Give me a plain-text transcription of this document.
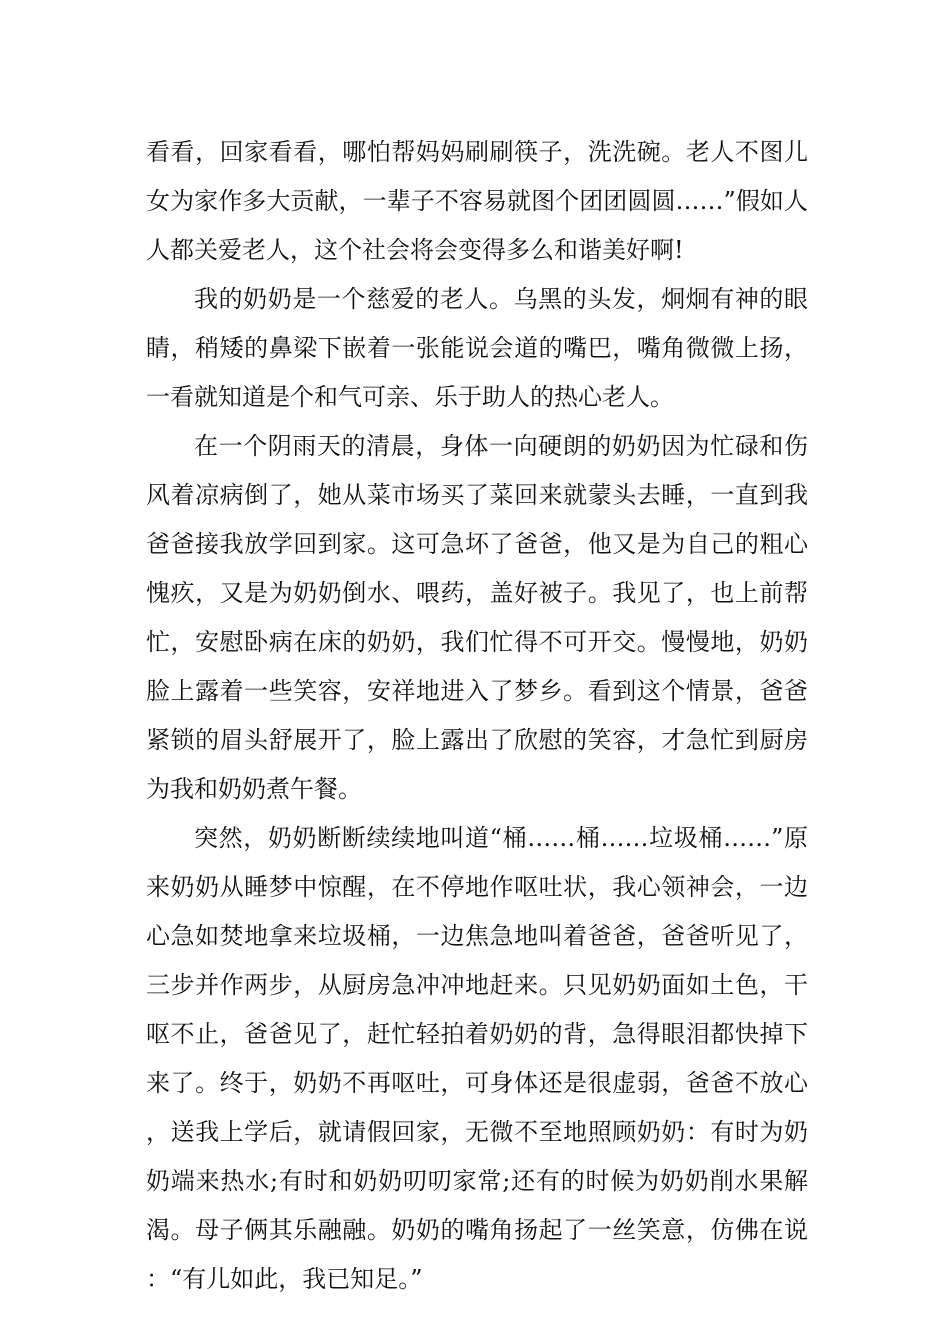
看看，回家看看，哪怕帮妈妈刷刷筷子，洗洗碗。老人不图儿女为家作多大贡献，一辈子不容易就图个团团圆圆……”假如人人都关爱老人，这个社会将会变得多么和谐美好啊!

我的奶奶是一个慈爱的老人。乌黑的头发，炯炯有神的眼睛，稍矮的鼻梁下嵌着一张能说会道的嘴巴，嘴角微微上扬，一看就知道是个和气可亲、乐于助人的热心老人。

在一个阴雨天的清晨，身体一向硬朗的奶奶因为忙碌和伤风着凉病倒了，她从菜市场买了菜回来就蒙头去睡，一直到我爸爸接我放学回到家。这可急坏了爸爸，他又是为自己的粗心愧疚，又是为奶奶倒水、喂药，盖好被子。我见了，也上前帮忙，安慰卧病在床的奶奶，我们忙得不可开交。慢慢地，奶奶脸上露着一些笑容，安祥地进入了梦乡。看到这个情景，爸爸紧锁的眉头舒展开了，脸上露出了欣慰的笑容，才急忙到厨房为我和奶奶煮午餐。

突然，奶奶断断续续地叫道“桶……桶……垃圾桶……”原来奶奶从睡梦中惊醒，在不停地作呕吐状，我心领神会，一边心急如焚地拿来垃圾桶，一边焦急地叫着爸爸，爸爸听见了，三步并作两步，从厨房急冲冲地赶来。只见奶奶面如土色，干呕不止，爸爸见了，赶忙轻拍着奶奶的背，急得眼泪都快掉下来了。终于，奶奶不再呕吐，可身体还是很虚弱，爸爸不放心，送我上学后，就请假回家，无微不至地照顾奶奶：有时为奶奶端来热水;有时和奶奶叨叨家常;还有的时候为奶奶削水果解渴。母子俩其乐融融。奶奶的嘴角扬起了一丝笑意，仿佛在说：“有儿如此，我已知足。”
